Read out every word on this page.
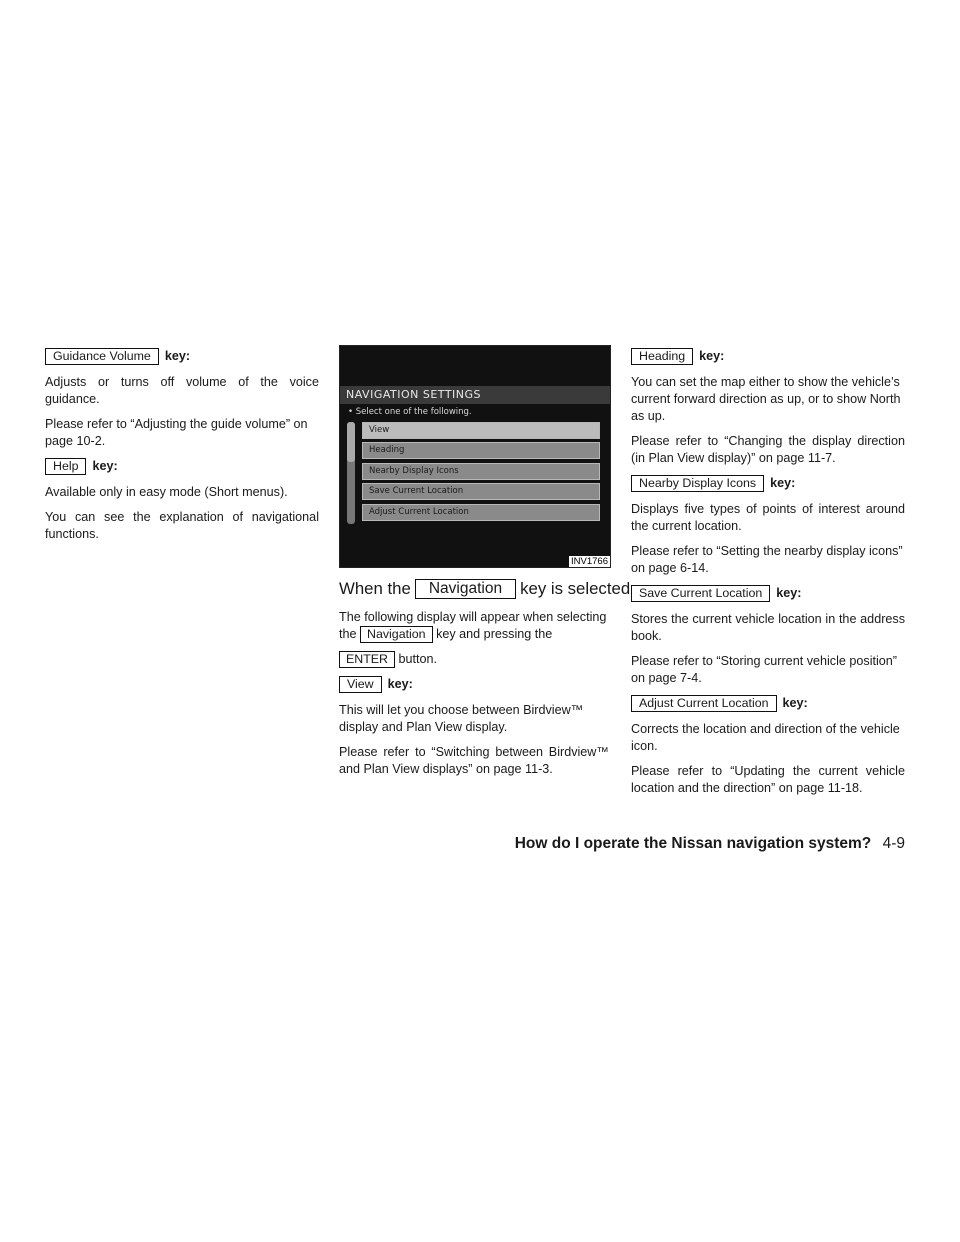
Guidance Volume	key:

Adjusts or turns off volume of the voice guidance.

Please refer to “Adjusting the guide volume” on page 10-2.

Help	key:

Available only in easy mode (Short menus).

You can see the explanation of navigational functions.

NAVIGATION SETTINGS
• Select one of the following.
View
Heading
Nearby Display Icons
Save Current Location
Adjust Current Location
INV1766
When the	Navigation	key is selected

The following display will appear when selecting the Navigation key and pressing the

ENTER button.

View	key:

This will let you choose between Birdview™ display and Plan View display.

Please refer to “Switching between Birdview™ and Plan View displays” on page 11-3.

Heading	key:

You can set the map either to show the vehicle’s current forward direction as up, or to show North as up.

Please refer to “Changing the display direction (in Plan View display)” on page 11-7.

Nearby Display Icons	key:

Displays five types of points of interest around the current location.

Please refer to “Setting the nearby display icons” on page 6-14.

Save Current Location	key:

Stores the current vehicle location in the address book.

Please refer to “Storing current vehicle position” on page 7-4.

Adjust Current Location	key:

Corrects the location and direction of the vehicle icon.

Please refer to “Updating the current vehicle location and the direction” on page 11-18.

How do I operate the Nissan navigation system? 4-9
